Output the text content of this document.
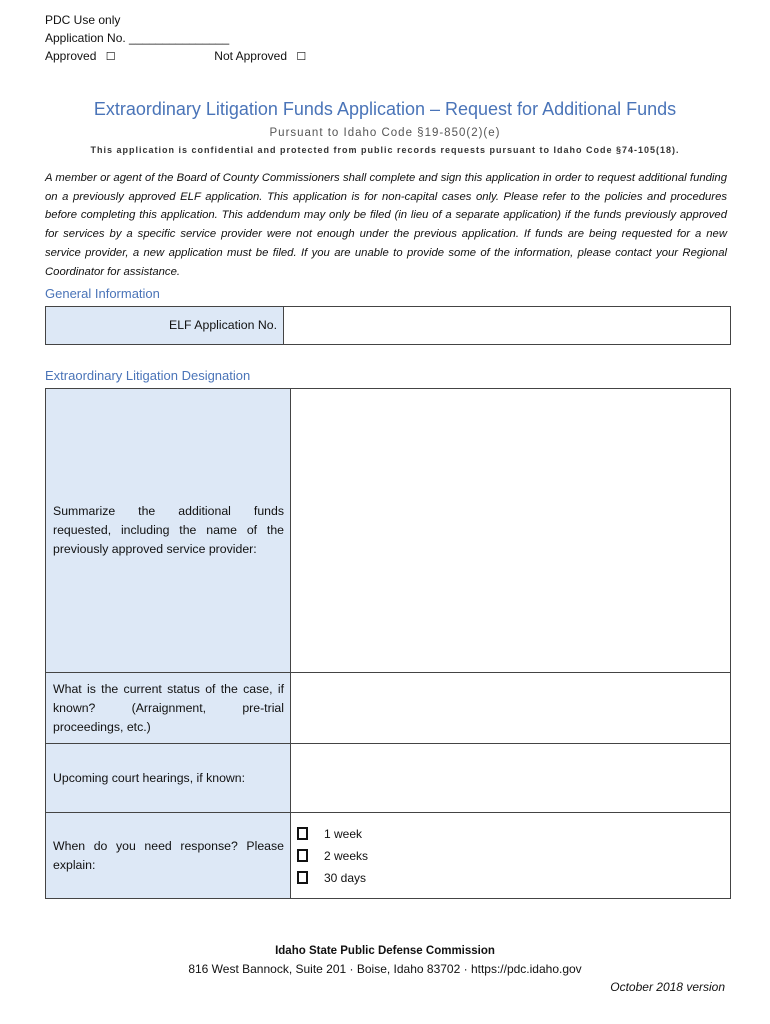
PDC Use only
Application No. _______________
Approved ☐	Not Approved ☐
Extraordinary Litigation Funds Application – Request for Additional Funds
Pursuant to Idaho Code §19-850(2)(e)
This application is confidential and protected from public records requests pursuant to Idaho Code §74-105(18).
A member or agent of the Board of County Commissioners shall complete and sign this application in order to request additional funding on a previously approved ELF application. This application is for non-capital cases only. Please refer to the policies and procedures before completing this application. This addendum may only be filed (in lieu of a separate application) if the funds previously approved for services by a specific service provider were not enough under the previous application. If funds are being requested for a new service provider, a new application must be filed. If you are unable to provide some of the information, please contact your Regional Coordinator for assistance.
General Information
ELF Application No.	
Extraordinary Litigation Designation
Summarize the additional funds requested, including the name of the previously approved service provider:	
What is the current status of the case, if known? (Arraignment, pre-trial proceedings, etc.)	
Upcoming court hearings, if known:	
When do you need response? Please explain:	1 week
2 weeks
30 days
Idaho State Public Defense Commission
816 West Bannock, Suite 201 · Boise, Idaho 83702 · https://pdc.idaho.gov
October 2018 version
